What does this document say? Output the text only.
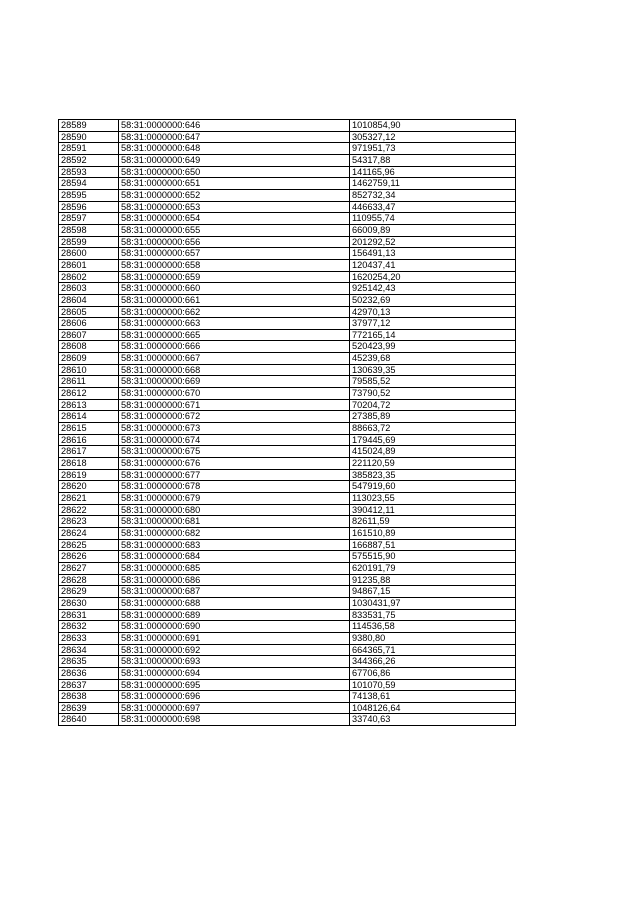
28589	58:31:0000000:646	1010854,90
28590	58:31:0000000:647	305327,12
28591	58:31:0000000:648	971951,73
28592	58:31:0000000:649	54317,88
28593	58:31:0000000:650	141165,96
28594	58:31:0000000:651	1462759,11
28595	58:31:0000000:652	852732,34
28596	58:31:0000000:653	446633,47
28597	58:31:0000000:654	110955,74
28598	58:31:0000000:655	66009,89
28599	58:31:0000000:656	201292,52
28600	58:31:0000000:657	156491,13
28601	58:31:0000000:658	120437,41
28602	58:31:0000000:659	1620254,20
28603	58:31:0000000:660	925142,43
28604	58:31:0000000:661	50232,69
28605	58:31:0000000:662	42970,13
28606	58:31:0000000:663	37977,12
28607	58:31:0000000:665	772165,14
28608	58:31:0000000:666	520423,99
28609	58:31:0000000:667	45239,68
28610	58:31:0000000:668	130639,35
28611	58:31:0000000:669	79585,52
28612	58:31:0000000:670	73790,52
28613	58:31:0000000:671	70204,72
28614	58:31:0000000:672	27385,89
28615	58:31:0000000:673	88663,72
28616	58:31:0000000:674	179445,69
28617	58:31:0000000:675	415024,89
28618	58:31:0000000:676	221120,59
28619	58:31:0000000:677	385823,35
28620	58:31:0000000:678	547919,60
28621	58:31:0000000:679	113023,55
28622	58:31:0000000:680	390412,11
28623	58:31:0000000:681	82611,59
28624	58:31:0000000:682	161510,89
28625	58:31:0000000:683	166887,51
28626	58:31:0000000:684	575515,90
28627	58:31:0000000:685	620191,79
28628	58:31:0000000:686	91235,88
28629	58:31:0000000:687	94867,15
28630	58:31:0000000:688	1030431,97
28631	58:31:0000000:689	833531,75
28632	58:31:0000000:690	114536,58
28633	58:31:0000000:691	9380,80
28634	58:31:0000000:692	664365,71
28635	58:31:0000000:693	344366,26
28636	58:31:0000000:694	67706,86
28637	58:31:0000000:695	101070,59
28638	58:31:0000000:696	74138,61
28639	58:31:0000000:697	1048126,64
28640	58:31:0000000:698	33740,63
